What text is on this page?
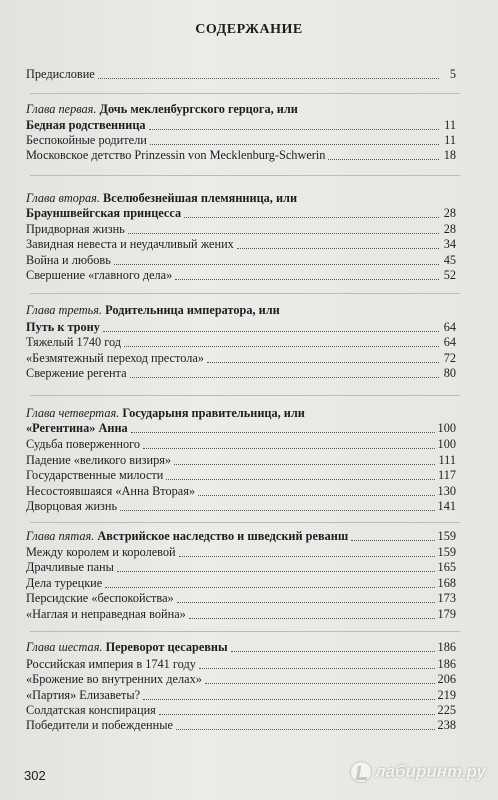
СОДЕРЖАНИЕ
Предисловие	5
Глава первая. Дочь мекленбургского герцога, или
Бедная родственница	11
Беспокойные родители	11
Московское детство Prinzessin von Mecklenburg-Schwerin	18
Глава вторая. Вселюбезнейшая племянница, или
Брауншвейгская принцесса	28
Придворная жизнь	28
Завидная невеста и неудачливый жених	34
Война и любовь	45
Свершение «главного дела»	52
Глава третья. Родительница императора, или
Путь к трону	64
Тяжелый 1740 год	64
«Безмятежный переход престола»	72
Свержение регента	80
Глава четвертая. Государыня правительница, или
«Регентина» Анна	100
Судьба поверженного	100
Падение «великого визиря»	111
Государственные милости	117
Несостоявшаяся «Анна Вторая»	130
Дворцовая жизнь	141
Глава пятая. Австрийское наследство и шведский реванш	159
Между королем и королевой	159
Драчливые паны	165
Дела турецкие	168
Персидские «беспокойства»	173
«Наглая и неправедная война»	179
Глава шестая. Переворот цесаревны	186
Российская империя в 1741 году	186
«Брожение во внутренних делах»	206
«Партия» Елизаветы?	219
Солдатская конспирация	225
Победители и побежденные	238
302	лабиринт.ру
